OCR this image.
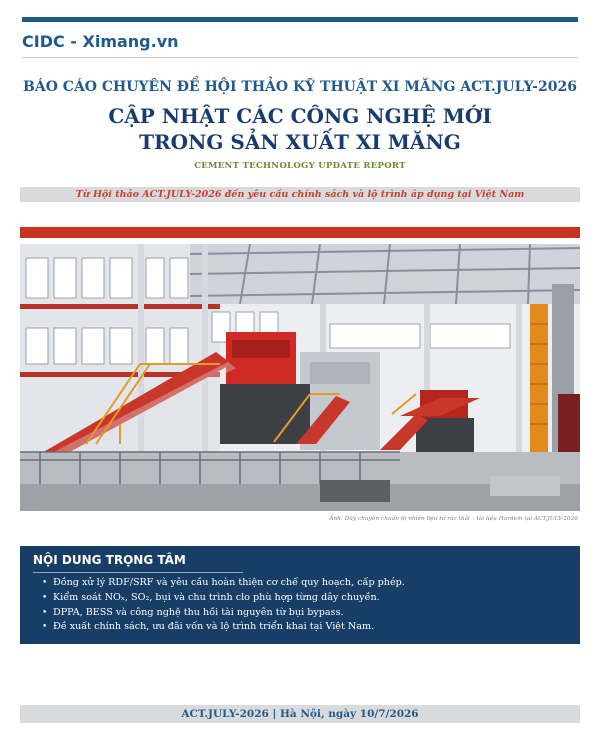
CIDC - Ximang.vn
BÁO CÁO CHUYÊN ĐỀ HỘI THẢO KỸ THUẬT XI MĂNG ACT.JULY-2026
CẬP NHẬT CÁC CÔNG NGHỆ MỚI
TRONG SẢN XUẤT XI MĂNG
CEMENT TECHNOLOGY UPDATE REPORT
Từ Hội thảo ACT.JULY-2026 đến yêu cầu chính sách và lộ trình áp dụng tại Việt Nam
Ảnh: Dây chuyền chuẩn bị nhiên liệu từ rác thải – tài liệu Hardem tại ACT.JULY-2026
NỘI DUNG TRỌNG TÂM
• Đồng xử lý RDF/SRF và yêu cầu hoàn thiện cơ chế quy hoạch, cấp phép.
• Kiểm soát NOₓ, SO₂, bụi và chu trình clo phù hợp từng dây chuyền.
• DPPA, BESS và công nghệ thu hồi tài nguyên từ bụi bypass.
• Đề xuất chính sách, ưu đãi vốn và lộ trình triển khai tại Việt Nam.
ACT.JULY-2026 | Hà Nội, ngày 10/7/2026
